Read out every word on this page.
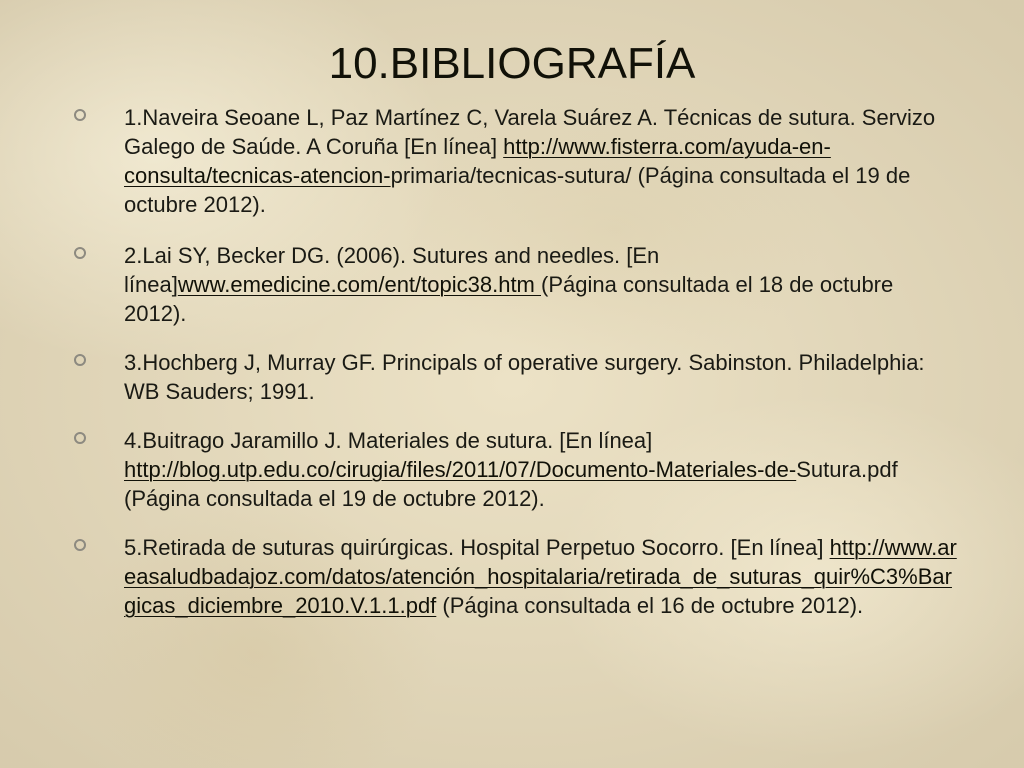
10.BIBLIOGRAFÍA
1.Naveira Seoane L, Paz Martínez C, Varela Suárez A. Técnicas de sutura. Servizo Galego de Saúde. A Coruña [En línea] http://www.fisterra.com/ayuda-en-consulta/tecnicas-atencion-primaria/tecnicas-sutura/ (Página consultada el 19 de octubre 2012).
2.Lai SY, Becker DG. (2006). Sutures and needles. [En línea]www.emedicine.com/ent/topic38.htm (Página consultada el 18 de octubre 2012).
3.Hochberg J, Murray GF. Principals of operative surgery. Sabinston. Philadelphia: WB Sauders; 1991.
4.Buitrago Jaramillo J. Materiales de sutura. [En línea] http://blog.utp.edu.co/cirugia/files/2011/07/Documento-Materiales-de-Sutura.pdf (Página consultada el 19 de octubre 2012).
5.Retirada de suturas quirúrgicas. Hospital Perpetuo Socorro. [En línea] http://www.areasaludbadajoz.com/datos/atención_hospitalaria/retirada_de_suturas_quir%C3%Bargicas_diciembre_2010.V.1.1.pdf (Página consultada el 16 de octubre 2012).
